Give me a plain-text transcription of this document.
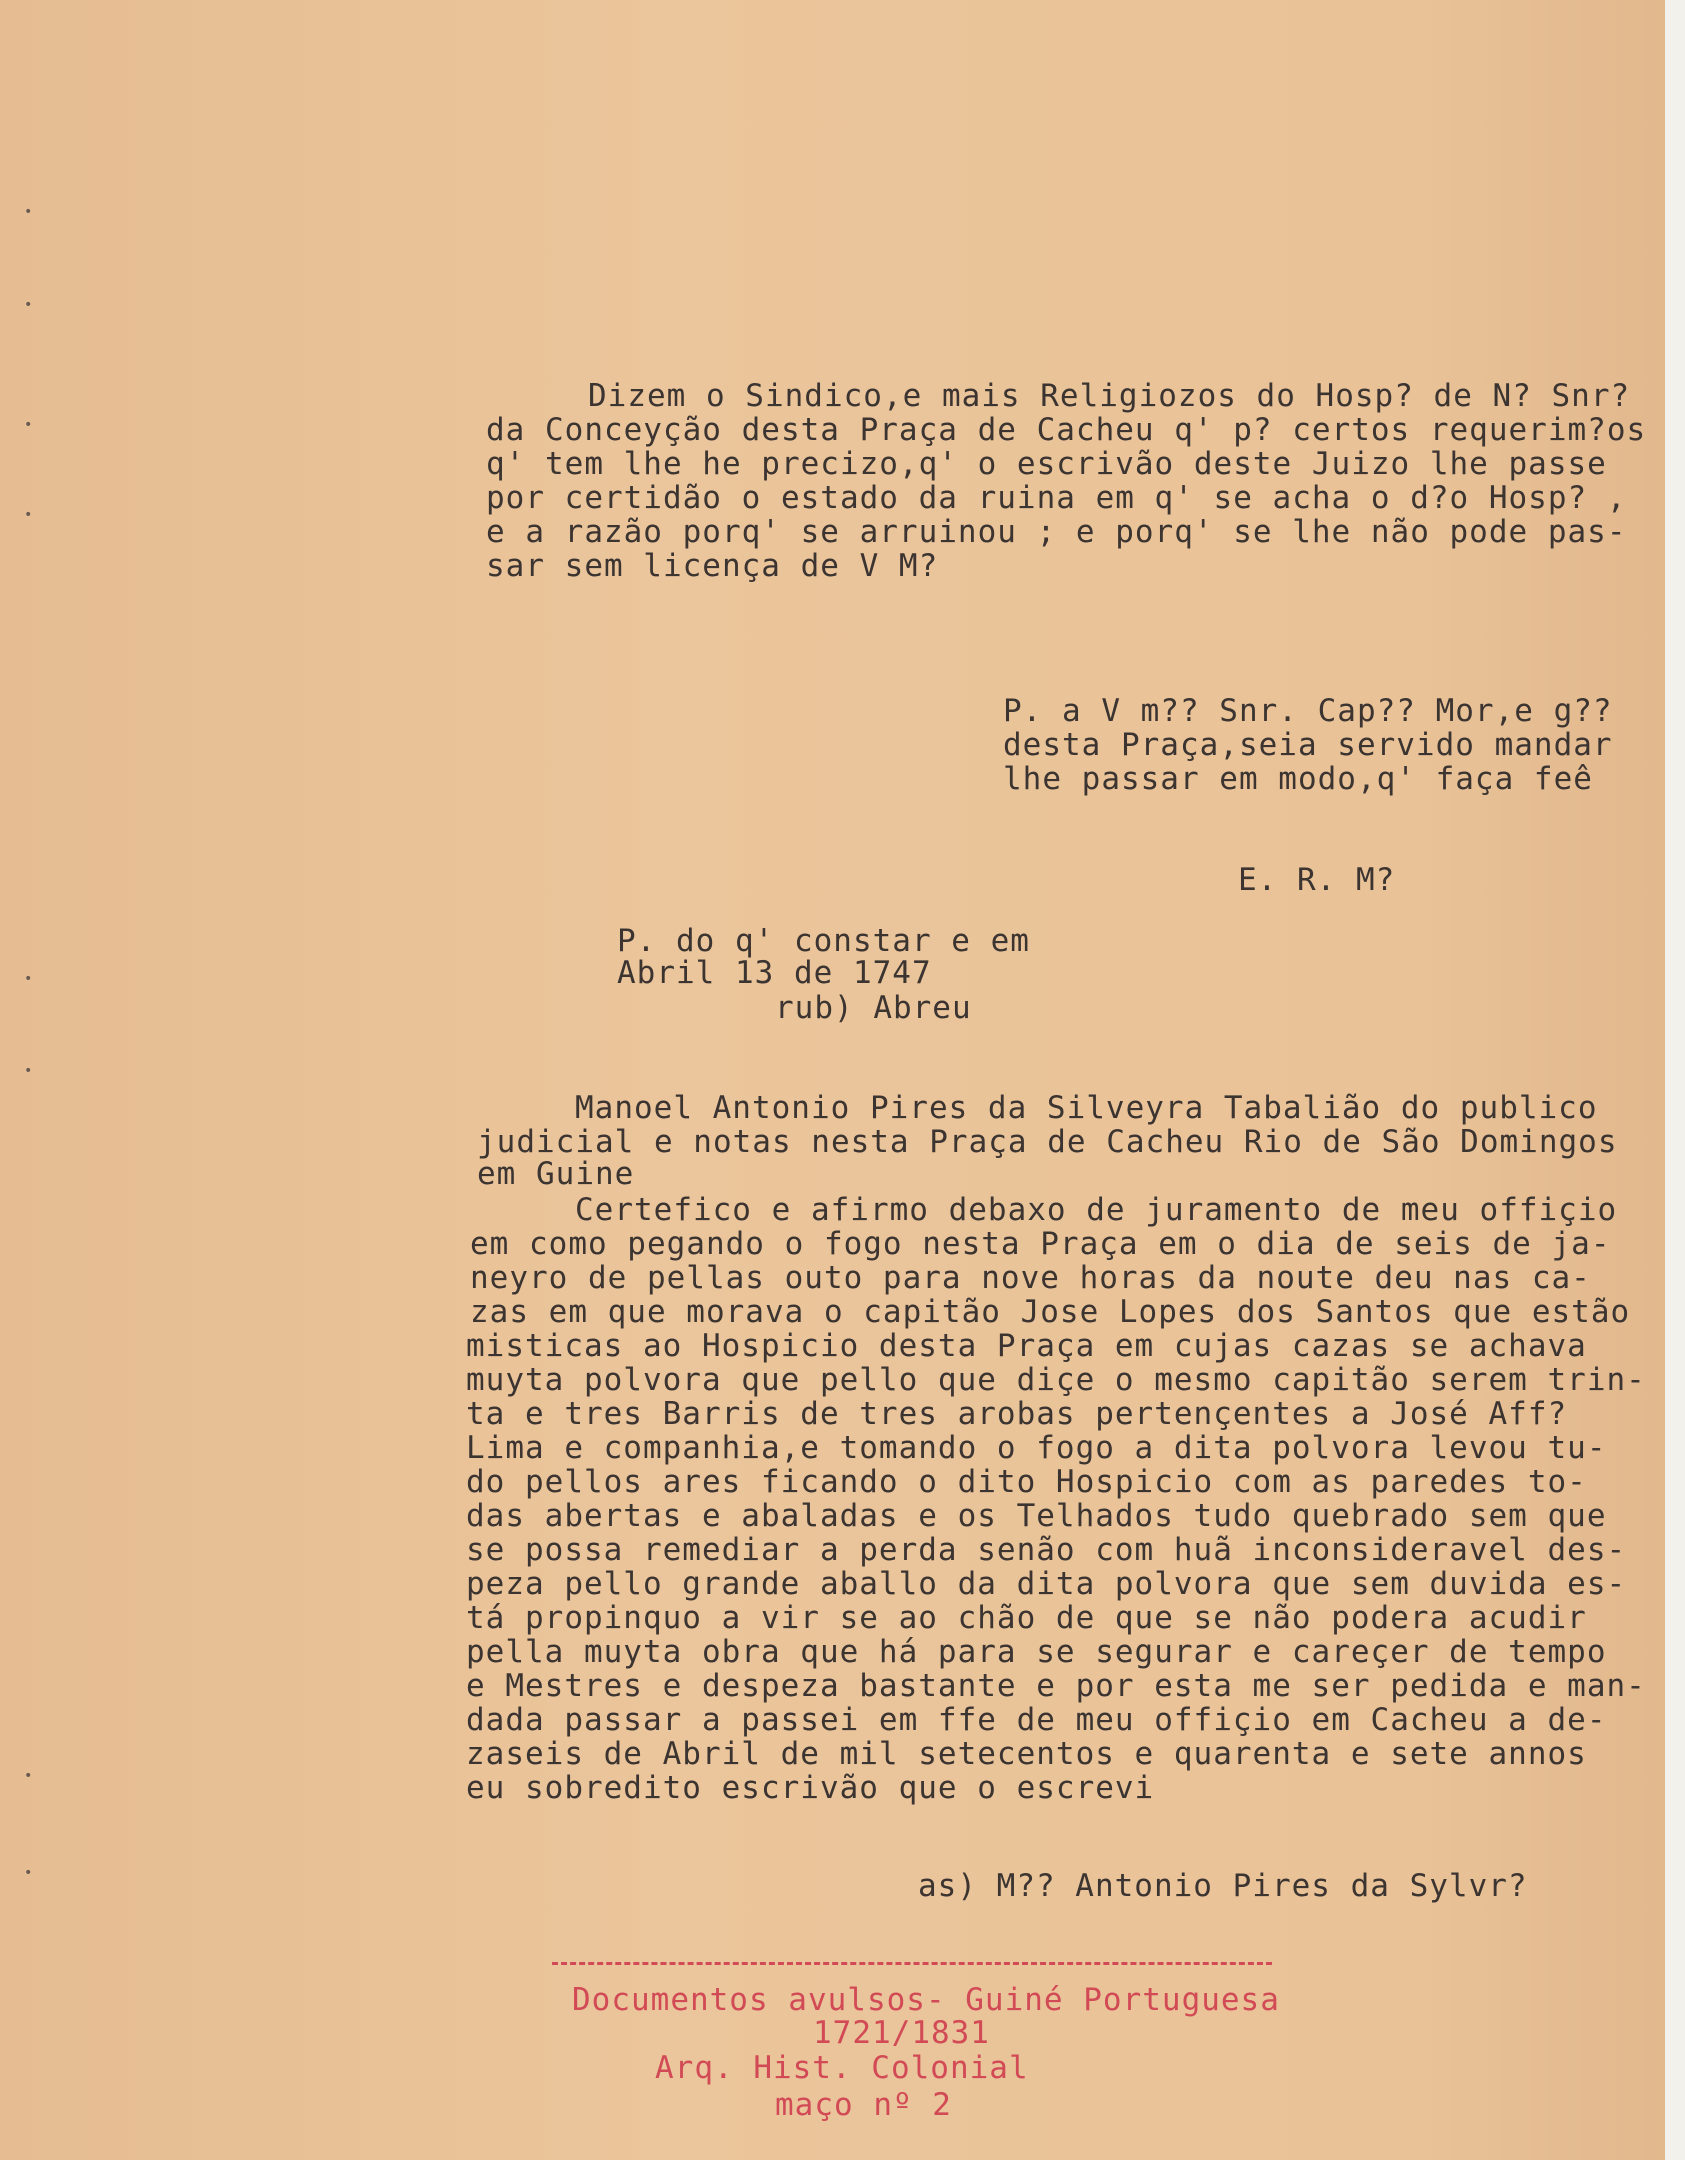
•
•
•
•
•
•
•
•
Dizem o Sindico,e mais Religiozos do Hosp? de N? Snr?
da Conceyção desta Praça de Cacheu q' p? certos requerim?os
q' tem lhe he precizo,q' o escrivão deste Juizo lhe passe
por certidão o estado da ruina em q' se acha o d?o Hosp? ,
e a razão porq' se arruinou ; e porq' se lhe não pode pas-
sar sem licença de V M?
P. a V m?? Snr. Cap?? Mor,e g??
desta Praça,seia servido mandar
lhe passar em modo,q' faça feê
E. R. M?
P. do q' constar e em
Abril 13 de 1747
rub) Abreu
Manoel Antonio Pires da Silveyra Tabalião do publico
judicial e notas nesta Praça de Cacheu Rio de São Domingos
em Guine
Certefico e afirmo debaxo de juramento de meu offiçio
em como pegando o fogo nesta Praça em o dia de seis de ja-
neyro de pellas outo para nove horas da noute deu nas ca-
zas em que morava o capitão Jose Lopes dos Santos que estão
misticas ao Hospicio desta Praça em cujas cazas se achava
muyta polvora que pello que diçe o mesmo capitão serem trin-
ta e tres Barris de tres arobas pertençentes a José Aff?
Lima e companhia,e tomando o fogo a dita polvora levou tu-
do pellos ares ficando o dito Hospicio com as paredes to-
das abertas e abaladas e os Telhados tudo quebrado sem que
se possa remediar a perda senão com huã inconsideravel des-
peza pello grande aballo da dita polvora que sem duvida es-
tá propinquo a vir se ao chão de que se não podera acudir
pella muyta obra que há para se segurar e careçer de tempo
e Mestres e despeza bastante e por esta me ser pedida e man-
dada passar a passei em ffe de meu offiçio em Cacheu a de-
zaseis de Abril de mil setecentos e quarenta e sete annos
eu sobredito escrivão que o escrevi
as) M?? Antonio Pires da Sylvr?
Documentos avulsos- Guiné Portuguesa
1721/1831
Arq. Hist. Colonial
maço nº 2
